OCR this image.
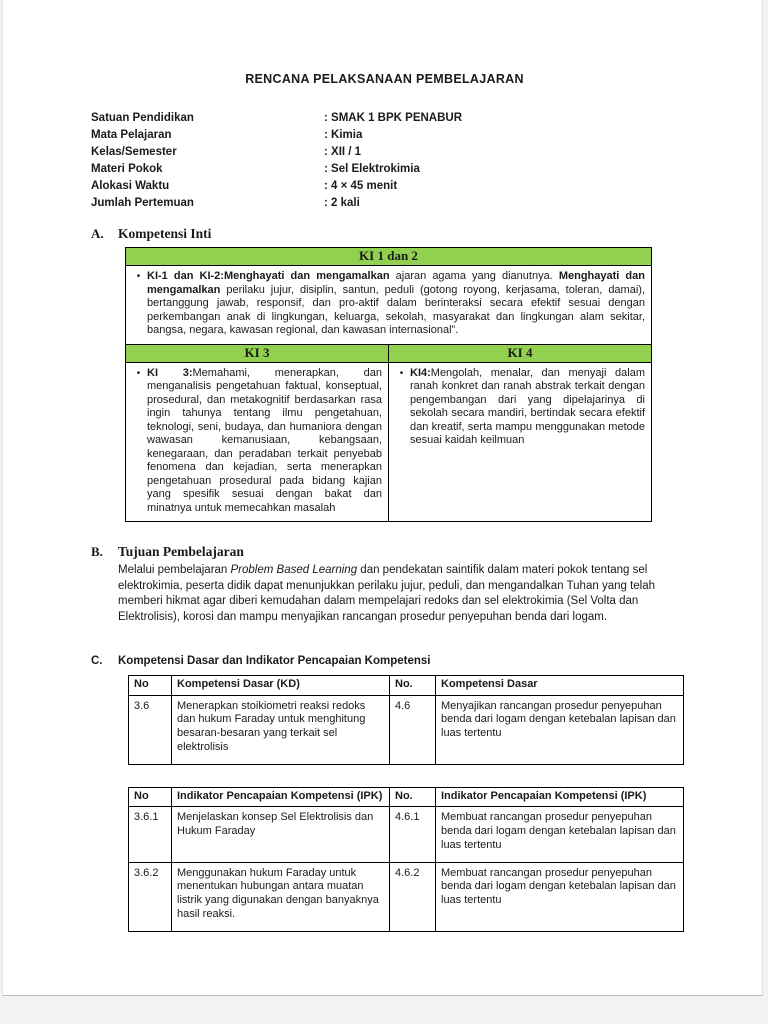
RENCANA PELAKSANAAN PEMBELAJARAN
Satuan Pendidikan	: SMAK 1 BPK PENABUR
Mata Pelajaran	: Kimia
Kelas/Semester	: XII / 1
Materi Pokok	: Sel Elektrokimia
Alokasi Waktu	: 4 × 45 menit
Jumlah Pertemuan	: 2 kali
A.	Kompetensi Inti
KI 1 dan 2	

• KI-1 dan KI-2:Menghayati dan mengamalkan ajaran agama yang dianutnya. Menghayati dan mengamalkan perilaku jujur, disiplin, santun, peduli (gotong royong, kerjasama, toleran, damai), bertanggung jawab, responsif, dan pro-aktif dalam berinteraksi secara efektif sesuai dengan perkembangan anak di lingkungan, keluarga, sekolah, masyarakat dan lingkungan alam sekitar, bangsa, negara, kawasan regional, dan kawasan internasional”.	

KI 3	KI 4

• KI 3:Memahami, menerapkan, dan menganalisis pengetahuan faktual, konseptual, prosedural, dan metakognitif berdasarkan rasa ingin tahunya tentang ilmu pengetahuan, teknologi, seni, budaya, dan humaniora dengan wawasan kemanusiaan, kebangsaan, kenegaraan, dan peradaban terkait penyebab fenomena dan kejadian, serta menerapkan pengetahuan prosedural pada bidang kajian yang spesifik sesuai dengan bakat dan minatnya untuk memecahkan masalah

• KI4:Mengolah, menalar, dan menyaji dalam ranah konkret dan ranah abstrak terkait dengan pengembangan dari yang dipelajarinya di sekolah secara mandiri, bertindak secara efektif dan kreatif, serta mampu menggunakan metode sesuai kaidah keilmuan
B.	Tujuan Pembelajaran
Melalui pembelajaran Problem Based Learning dan pendekatan saintifik dalam materi pokok tentang sel elektrokimia, peserta didik dapat menunjukkan perilaku jujur, peduli, dan mengandalkan Tuhan yang telah memberi hikmat agar diberi kemudahan dalam mempelajari redoks dan sel elektrokimia (Sel Volta dan Elektrolisis), korosi dan mampu menyajikan rancangan prosedur penyepuhan benda dari logam.
C.	Kompetensi Dasar dan Indikator Pencapaian Kompetensi
No	Kompetensi Dasar (KD)	No.	Kompetensi Dasar
3.6	Menerapkan stoikiometri reaksi redoks dan hukum Faraday untuk menghitung besaran-besaran yang terkait sel elektrolisis	4.6	Menyajikan rancangan prosedur penyepuhan benda dari logam dengan ketebalan lapisan dan luas tertentu
No	Indikator Pencapaian Kompetensi (IPK)	No.	Indikator Pencapaian Kompetensi (IPK)
3.6.1	Menjelaskan konsep Sel Elektrolisis dan Hukum Faraday	4.6.1	Membuat rancangan prosedur penyepuhan benda dari logam dengan ketebalan lapisan dan luas tertentu
3.6.2	Menggunakan hukum Faraday untuk menentukan hubungan antara muatan listrik yang digunakan dengan banyaknya hasil reaksi.	4.6.2	Membuat rancangan prosedur penyepuhan benda dari logam dengan ketebalan lapisan dan luas tertentu
